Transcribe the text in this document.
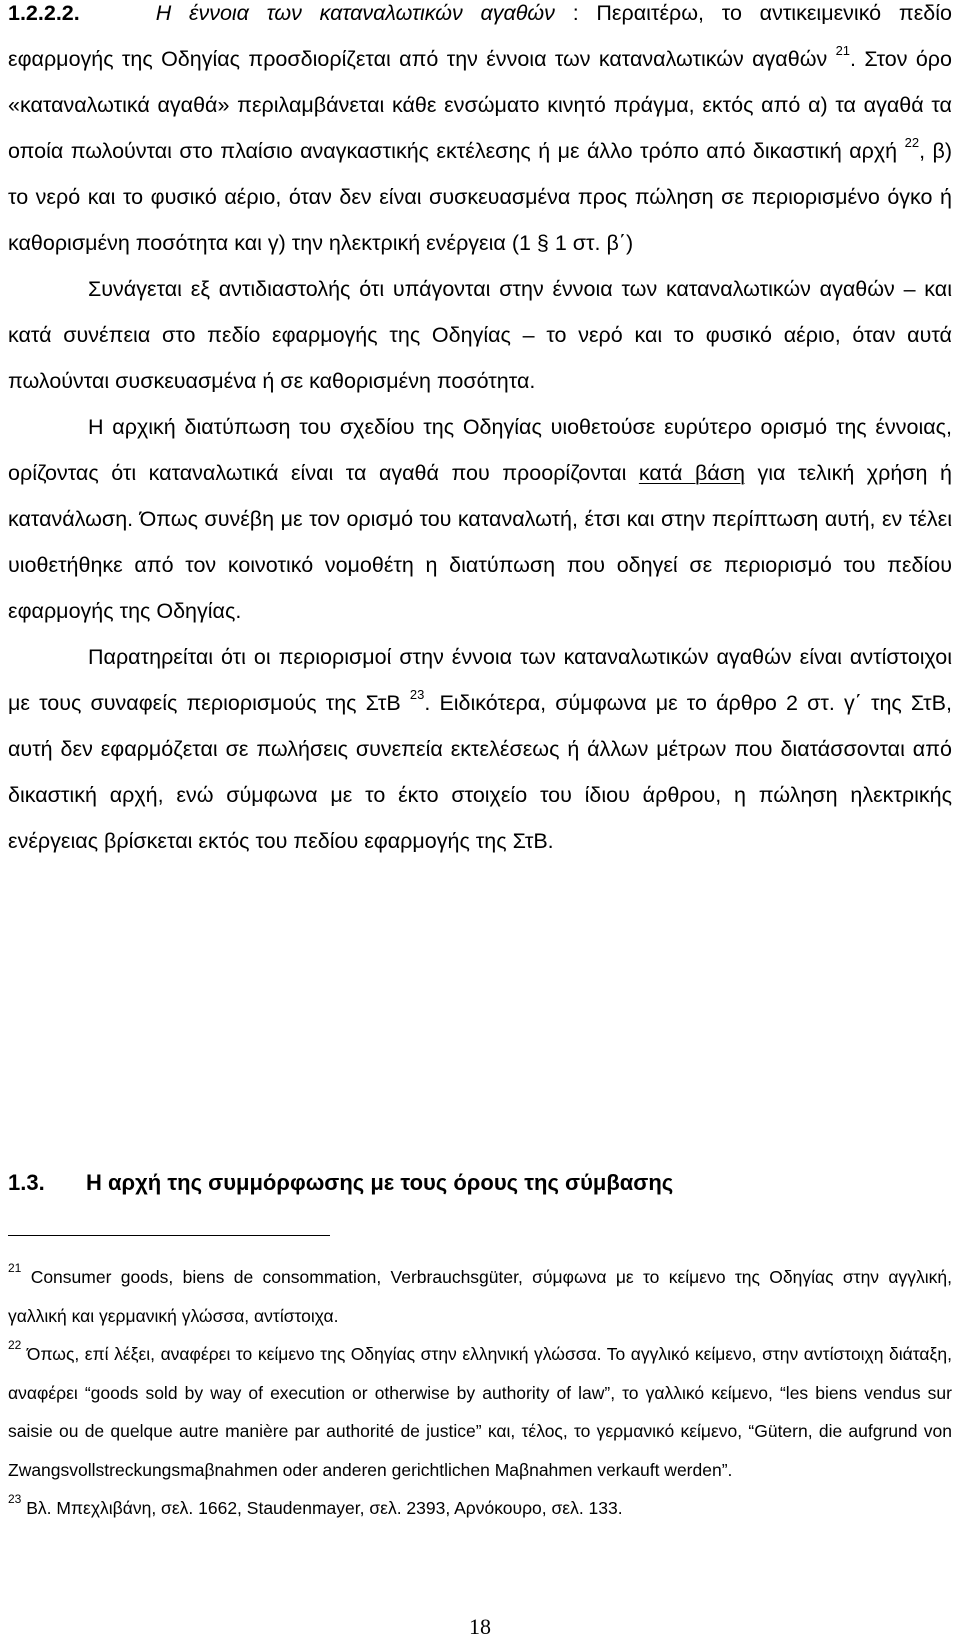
1.2.2.2.	Η έννοια των καταναλωτικών αγαθών : Περαιτέρω, το αντικειμενικό πεδίο εφαρμογής της Οδηγίας προσδιορίζεται από την έννοια των καταναλωτικών αγαθών $^{21}$. Στον όρο «καταναλωτικά αγαθά» περιλαμβάνεται κάθε ενσώματο κινητό πράγμα, εκτός από α) τα αγαθά τα οποία πωλούνται στο πλαίσιο αναγκαστικής εκτέλεσης ή με άλλο τρόπο από δικαστική αρχή $^{22}$, β) το νερό και το φυσικό αέριο, όταν δεν είναι συσκευασμένα προς πώληση σε περιορισμένο όγκο ή καθορισμένη ποσότητα και γ) την ηλεκτρική ενέργεια (1 § 1 στ. β΄)

Συνάγεται εξ αντιδιαστολής ότι υπάγονται στην έννοια των καταναλωτικών αγαθών – και κατά συνέπεια στο πεδίο εφαρμογής της Οδηγίας – το νερό και το φυσικό αέριο, όταν αυτά πωλούνται συσκευασμένα ή σε καθορισμένη ποσότητα.

Η αρχική διατύπωση του σχεδίου της Οδηγίας υιοθετούσε ευρύτερο ορισμό της έννοιας, ορίζοντας ότι καταναλωτικά είναι τα αγαθά που προορίζονται κατά βάση για τελική χρήση ή κατανάλωση. Όπως συνέβη με τον ορισμό του καταναλωτή, έτσι και στην περίπτωση αυτή, εν τέλει υιοθετήθηκε από τον κοινοτικό νομοθέτη η διατύπωση που οδηγεί σε περιορισμό του πεδίου εφαρμογής της Οδηγίας.

Παρατηρείται ότι οι περιορισμοί στην έννοια των καταναλωτικών αγαθών είναι αντίστοιχοι με τους συναφείς περιορισμούς της ΣτΒ $^{23}$. Ειδικότερα, σύμφωνα με το άρθρο 2 στ. γ΄ της ΣτΒ, αυτή δεν εφαρμόζεται σε πωλήσεις συνεπεία εκτελέσεως ή άλλων μέτρων που διατάσσονται από δικαστική αρχή, ενώ σύμφωνα με το έκτο στοιχείο του ίδιου άρθρου, η πώληση ηλεκτρικής ενέργειας βρίσκεται εκτός του πεδίου εφαρμογής της ΣτΒ.

1.3. Η αρχή της συμμόρφωσης με τους όρους της σύμβασης

$^{21}$ Consumer goods, biens de consommation, Verbrauchsgüter, σύμφωνα με το κείμενο της Οδηγίας στην αγγλική, γαλλική και γερμανική γλώσσα, αντίστοιχα.

$^{22}$ Όπως, επί λέξει, αναφέρει το κείμενο της Οδηγίας στην ελληνική γλώσσα. Το αγγλικό κείμενο, στην αντίστοιχη διάταξη, αναφέρει “goods sold by way of execution or otherwise by authority of law”, το γαλλικό κείμενο, “les biens vendus sur saisie ou de quelque autre manière par authorité de justice” και, τέλος, το γερμανικό κείμενο, “Gütern, die aufgrund von Zwangsvollstreckungsmaβnahmen oder anderen gerichtlichen Maβnahmen verkauft werden”.

$^{23}$ Βλ. Μπεχλιβάνη, σελ. 1662, Staudenmayer, σελ. 2393, Αρνόκουρο, σελ. 133.

18
